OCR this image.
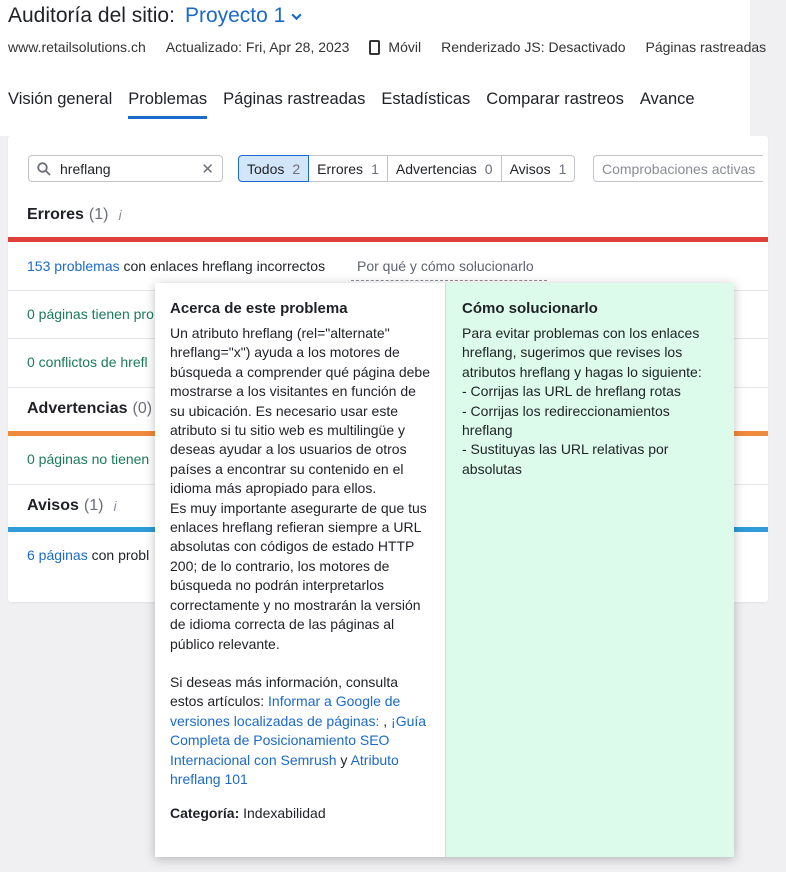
Auditoría del sitio: Proyecto 1
www.retailsolutions.ch Actualizado: Fri, Apr 28, 2023	Móvil Renderizado JS: Desactivado Páginas rastreadas
Visión general Problemas Páginas rastreadas Estadísticas Comparar rastreos Avance
hreflang	✕ Todos 2 Errores 1 Advertencias 0 Avisos 1	Comprobaciones activas
Errores (1) i
153 problemas con enlaces hreflang incorrectos
0 páginas tienen pro
0 conflictos de hrefl
Advertencias (0)
0 páginas no tienen
Avisos (1) i
6 páginas con probl
Por qué y cómo solucionarlo
Acerca de este problema

Un atributo hreflang (rel="alternate" hreflang="x") ayuda a los motores de búsqueda a comprender qué página debe mostrarse a los visitantes en función de su ubicación. Es necesario usar este atributo si tu sitio web es multilingüe y deseas ayudar a los usuarios de otros países a encontrar su contenido en el idioma más apropiado para ellos.

Es muy importante asegurarte de que tus enlaces hreflang refieran siempre a URL absolutas con códigos de estado HTTP 200; de lo contrario, los motores de búsqueda no podrán interpretarlos correctamente y no mostrarán la versión de idioma correcta de las páginas al público relevante.

Si deseas más información, consulta estos artículos: Informar a Google de versiones localizadas de páginas: , ¡Guía Completa de Posicionamiento SEO Internacional con Semrush y Atributo hreflang 101

Categoría: Indexabilidad

Cómo solucionarlo

Para evitar problemas con los enlaces hreflang, sugerimos que revises los atributos hreflang y hagas lo siguiente:

- Corrijas las URL de hreflang rotas

- Corrijas los redireccionamientos hreflang

- Sustituyas las URL relativas por absolutas
